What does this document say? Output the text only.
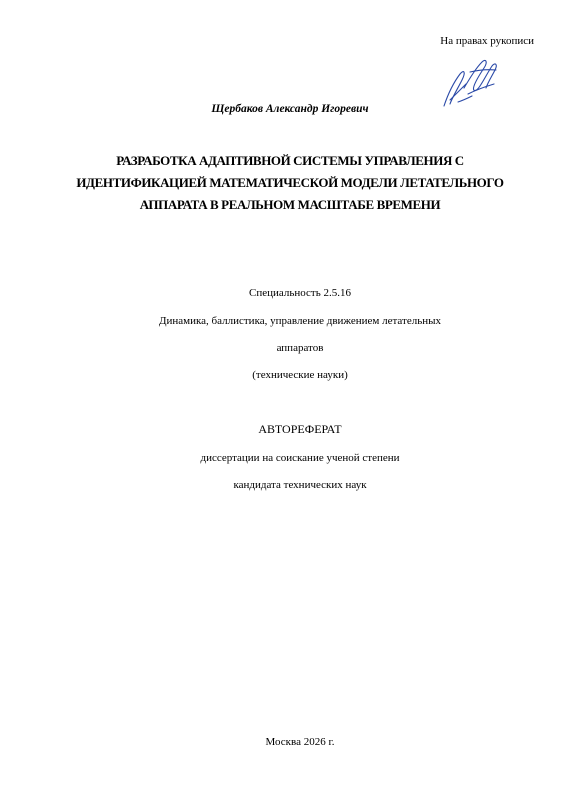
На правах рукописи
Щербаков Александр Игоревич
РАЗРАБОТКА АДАПТИВНОЙ СИСТЕМЫ УПРАВЛЕНИЯ С
ИДЕНТИФИКАЦИЕЙ МАТЕМАТИЧЕСКОЙ МОДЕЛИ ЛЕТАТЕЛЬНОГО
АППАРАТА В РЕАЛЬНОМ МАСШТАБЕ ВРЕМЕНИ
Специальность 2.5.16
Динамика, баллистика, управление движением летательных
аппаратов
(технические науки)
АВТОРЕФЕРАТ
диссертации на соискание ученой степени
кандидата технических наук
Москва 2026 г.
